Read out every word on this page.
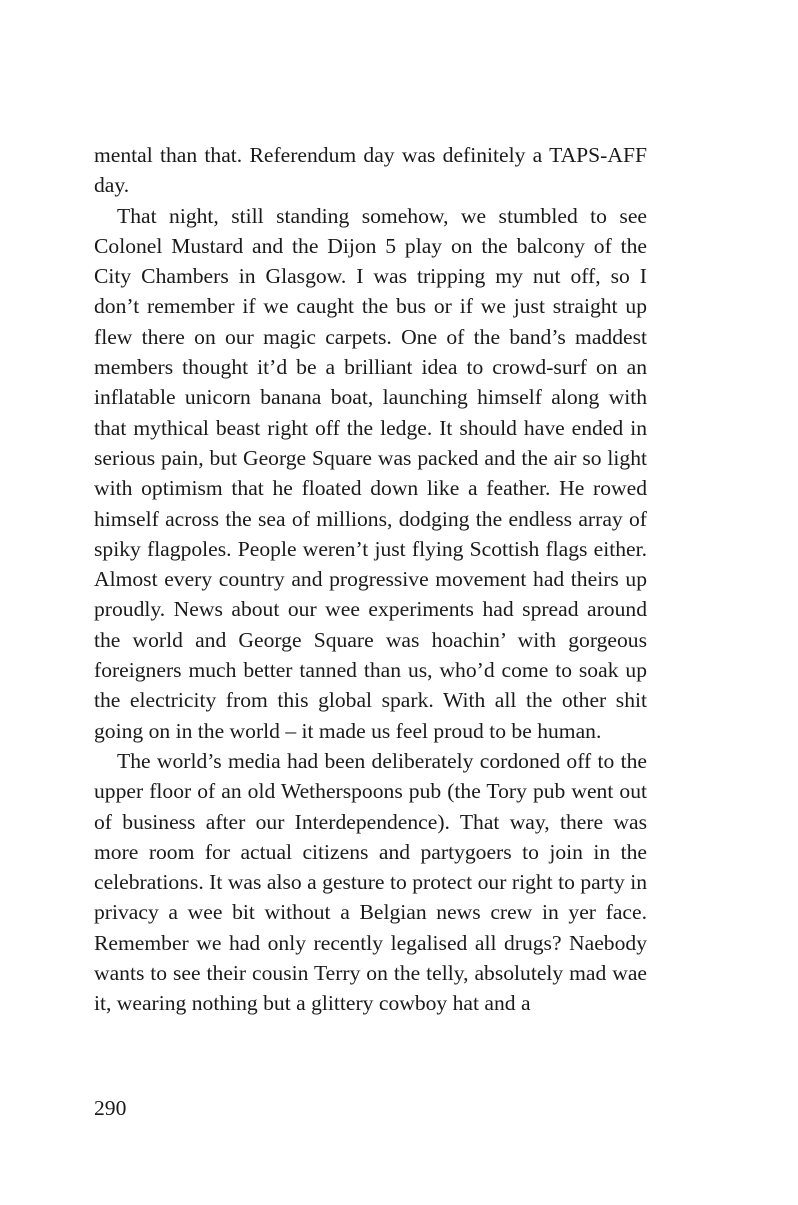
mental than that. Referendum day was definitely a TAPS-AFF day.

That night, still standing somehow, we stumbled to see Colonel Mustard and the Dijon 5 play on the balcony of the City Chambers in Glasgow. I was tripping my nut off, so I don’t remember if we caught the bus or if we just straight up flew there on our magic carpets. One of the band’s maddest members thought it’d be a brilliant idea to crowd-surf on an inflatable unicorn banana boat, launching himself along with that mythical beast right off the ledge. It should have ended in serious pain, but George Square was packed and the air so light with optimism that he floated down like a feather. He rowed himself across the sea of millions, dodging the endless array of spiky flagpoles. People weren’t just flying Scottish flags either. Almost every country and progressive movement had theirs up proudly. News about our wee experiments had spread around the world and George Square was hoachin’ with gorgeous foreigners much better tanned than us, who’d come to soak up the electricity from this global spark. With all the other shit going on in the world – it made us feel proud to be human.

The world’s media had been deliberately cordoned off to the upper floor of an old Wetherspoons pub (the Tory pub went out of business after our Interdependence). That way, there was more room for actual citizens and partygoers to join in the celebrations. It was also a gesture to protect our right to party in privacy a wee bit without a Belgian news crew in yer face. Remember we had only recently legalised all drugs? Naebody wants to see their cousin Terry on the telly, absolutely mad wae it, wearing nothing but a glittery cowboy hat and a

290
